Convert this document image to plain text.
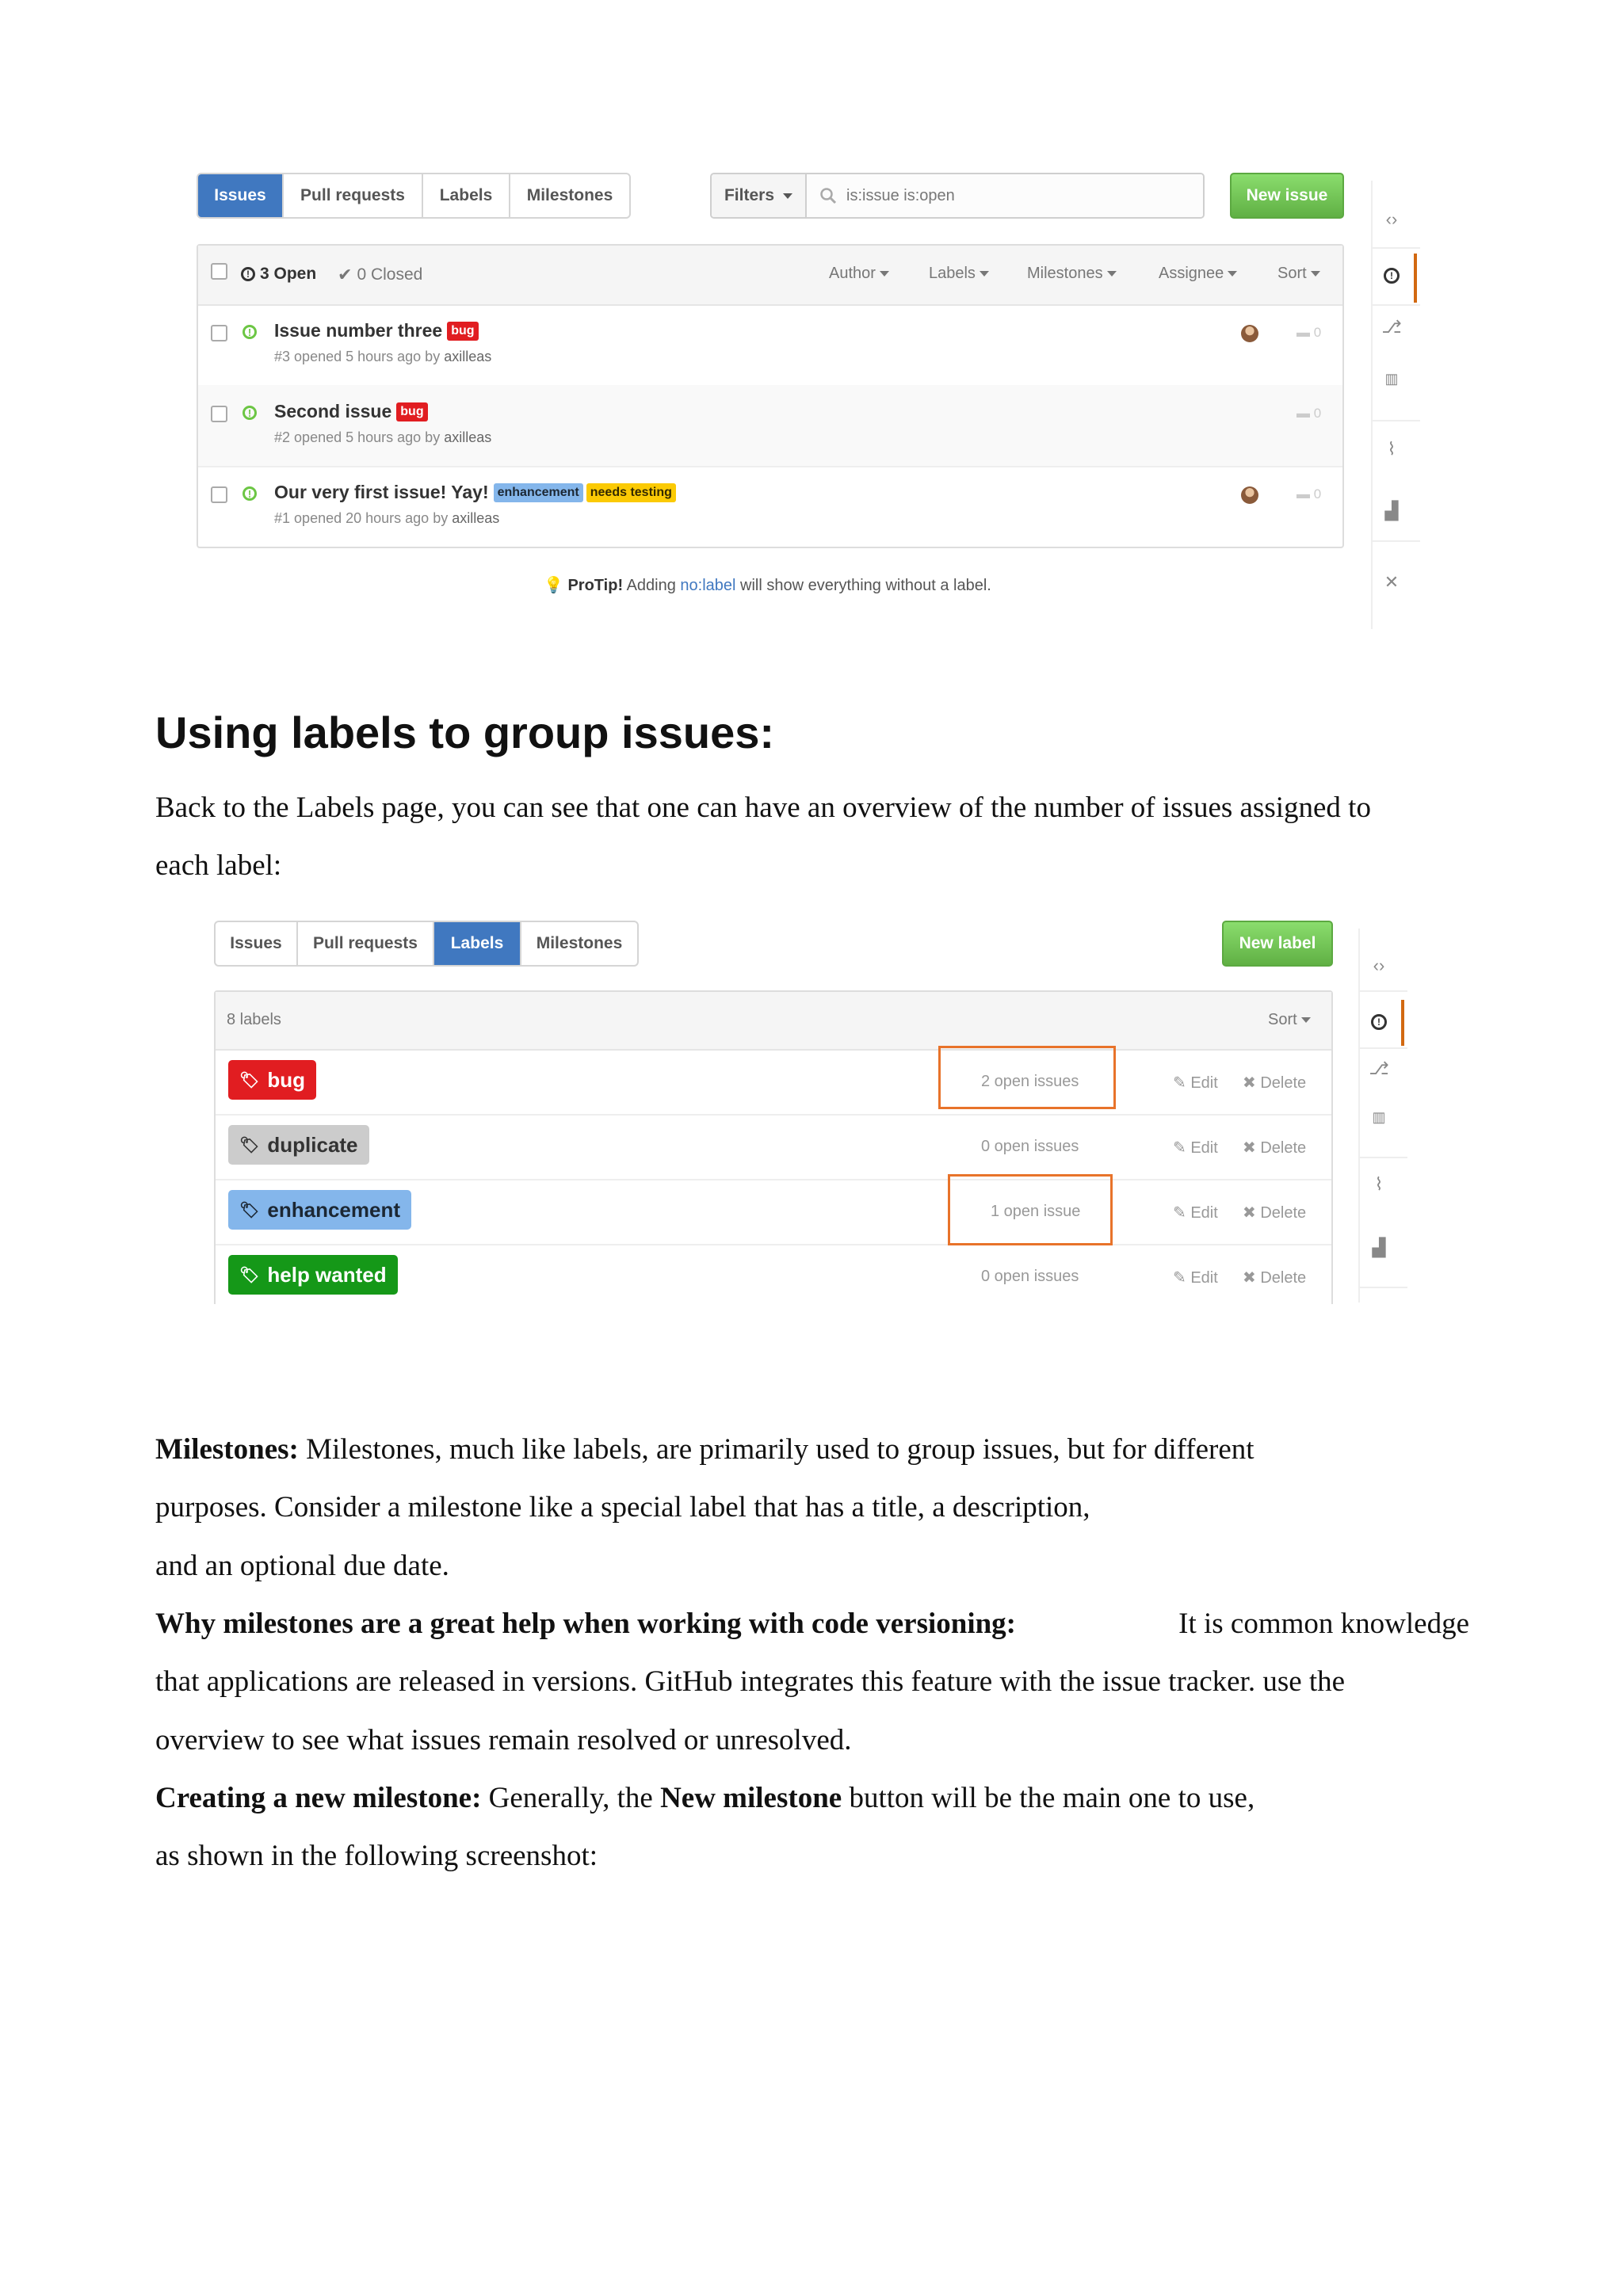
Issues	Pull requests	Labels	Milestones	Filters	is:issue is:open	New issue
! 3 Open ✔ 0 Closed	Author	Labels	Milestones	Assignee	Sort
! Issue number three bug
#3 opened 5 hours ago by axilleas
▬ 0
! Second issue bug
#2 opened 5 hours ago by axilleas
▬ 0
! Our very first issue! Yay! enhancement needs testing
#1 opened 20 hours ago by axilleas
▬ 0
💡 ProTip! Adding no:label will show everything without a label.
‹›
!
⎇
▥
⌇
▟
✕
Using labels to group issues:
Back to the Labels page, you can see that one can have an overview of the number of issues assigned to
each label:
Issues	Pull requests	Labels	Milestones	New label
8 labels	Sort
🏷 bug	2 open issues	✎ Edit ✖ Delete
🏷 duplicate	0 open issues	✎ Edit ✖ Delete
🏷 enhancement	1 open issue	✎ Edit ✖ Delete
🏷 help wanted	0 open issues	✎ Edit ✖ Delete
‹›
!
⎇
▥
⌇
▟
Milestones: Milestones, much like labels, are primarily used to group issues, but for different
purposes. Consider a milestone like a special label that has a title, a description,
and an optional due date.
Why milestones are a great help when working with code versioning:	It is common knowledge
that applications are released in versions. GitHub integrates this feature with the issue tracker. use the
overview to see what issues remain resolved or unresolved.
Creating a new milestone: Generally, the New milestone button will be the main one to use,
as shown in the following screenshot:
